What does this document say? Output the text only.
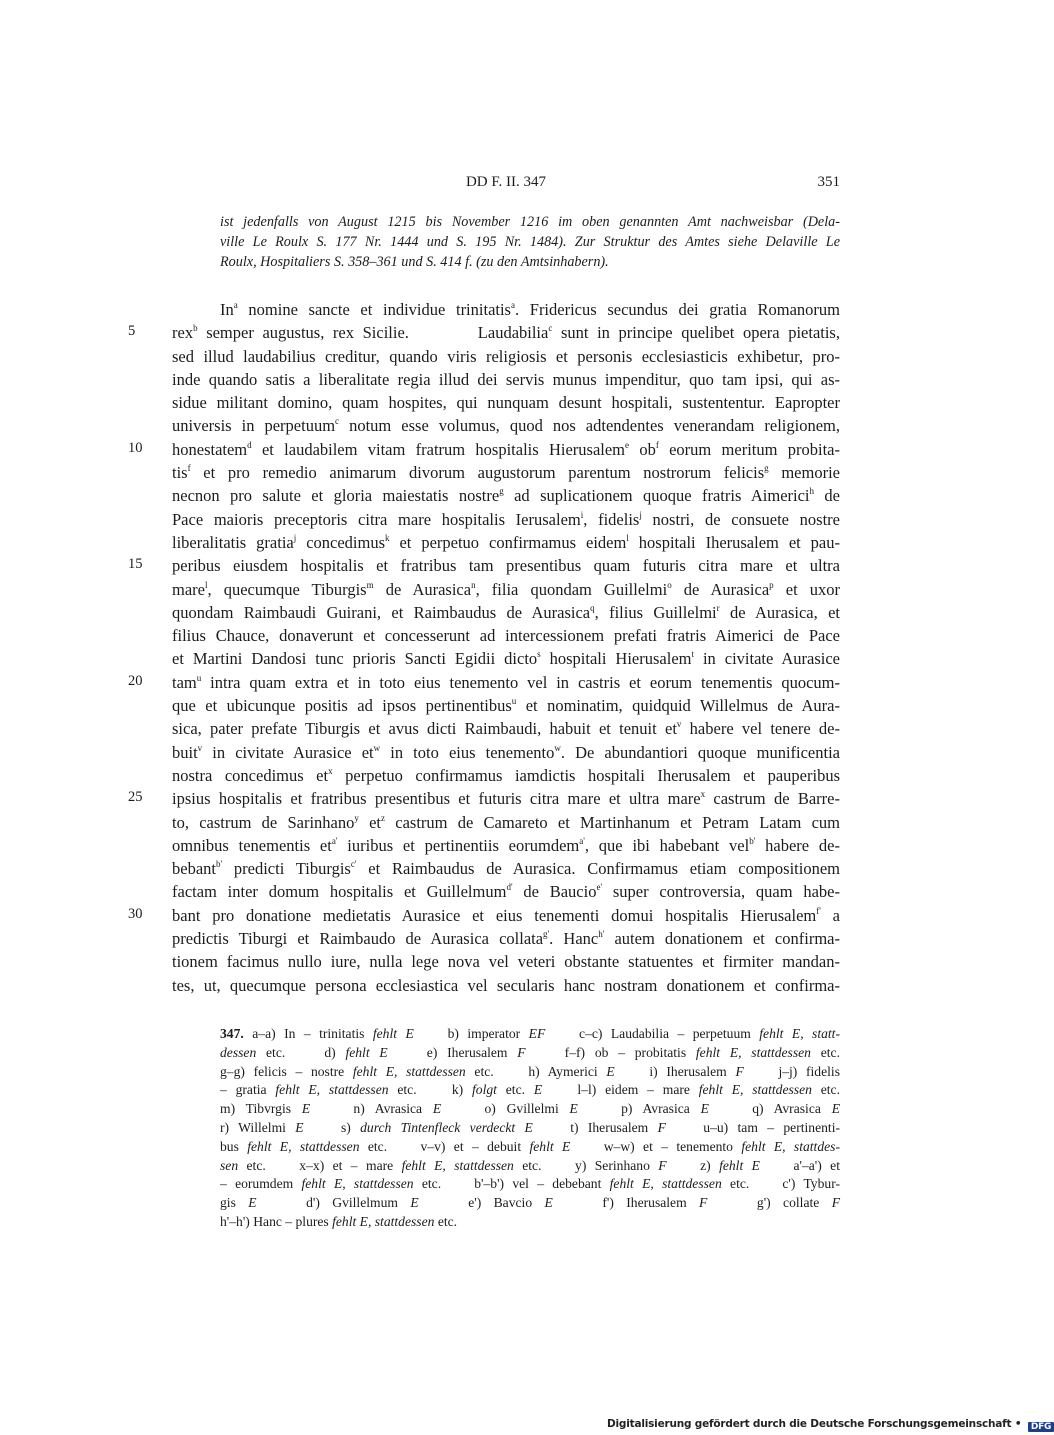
DD F. II. 347	351
ist jedenfalls von August 1215 bis November 1216 im oben genannten Amt nachweisbar (Dela-
ville Le Roulx S. 177 Nr. 1444 und S. 195 Nr. 1484). Zur Struktur des Amtes siehe Delaville Le
Roulx, Hospitaliers S. 358–361 und S. 414 f. (zu den Amtsinhabern).
5
10
15
20
25
30
In$^a$ nomine sancte et individue trinitatis$^a$. Fridericus secundus dei gratia Romanorum
rex$^b$ semper augustus, rex Sicilie.        Laudabilia$^c$ sunt in principe quelibet opera pietatis,
sed illud laudabilius creditur, quando viris religiosis et personis ecclesiasticis exhibetur, pro-
inde quando satis a liberalitate regia illud dei servis munus impenditur, quo tam ipsi, qui as-
sidue militant domino, quam hospites, qui nunquam desunt hospitali, sustententur. Eapropter
universis in perpetuum$^c$ notum esse volumus, quod nos adtendentes venerandam religionem,
honestatem$^d$ et laudabilem vitam fratrum hospitalis Hierusalem$^e$ $ob^f$ eorum meritum probita-
tis$^f$ et pro remedio animarum divorum augustorum parentum nostrorum felicis$^g$ memorie
necnon pro salute et gloria maiestatis nostre$^g$ ad suplicationem quoque fratris Aimerici$^h$ de
Pace maioris preceptoris citra mare hospitalis Ierusalem$^i$, fidelis$^j$ nostri, de consuete nostre
liberalitatis gratia$^j$ concedimus$^k$ et perpetuo confirmamus eidem$^l$ hospitali Iherusalem et pau-
peribus eiusdem hospitalis et fratribus tam presentibus quam futuris citra mare et ultra
mare$^l$, quecumque Tiburgis$^m$ de Aurasica$^n$, filia quondam Guillelmi$^o$ de Aurasica$^p$ et uxor
quondam Raimbaudi Guirani, et Raimbaudus de Aurasica$^q$, filius Guillelmi$^r$ de Aurasica, et
filius Chauce, donaverunt et concesserunt ad intercessionem prefati fratris Aimerici de Pace
et Martini Dandosi tunc prioris Sancti Egidii dicto$^s$ hospitali Hierusalem$^t$ in civitate Aurasice
tam$^u$ intra quam extra et in toto eius tenemento vel in castris et eorum tenementis quocum-
que et ubicunque positis ad ipsos pertinentibus$^u$ et nominatim, quidquid Willelmus de Aura-
sica, pater prefate Tiburgis et avus dicti Raimbaudi, habuit et tenuit $et^v$ habere vel tenere de-
buit$^v$ in civitate Aurasice $et^w$ in toto eius tenemento$^w$. De abundantiori quoque munificentia
nostra concedimus $et^x$ perpetuo confirmamus iamdictis hospitali Iherusalem et pauperibus
ipsius hospitalis et fratribus presentibus et futuris citra mare et ultra mare$^x$ castrum de Barre-
to, castrum de Sarinhano$^y$ $et^z$ castrum de Camareto et Martinhanum et Petram Latam cum
omnibus tenementis $et^{a'}$ iuribus et pertinentiis eorumdem$^{a'}$, que ibi habebant vel$^{b'}$ habere de-
bebant$^{b'}$ predicti Tiburgis$^{c'}$ et Raimbaudus de Aurasica. Confirmamus etiam compositionem
factam inter domum hospitalis et Guillelmum$^{d'}$ de Baucio$^{e'}$ super controversia, quam habe-
bant pro donatione medietatis Aurasice et eius tenementi domui hospitalis Hierusalem$^{f'}$ a
predictis Tiburgi et Raimbaudo de Aurasica collata$^{g'}$. Hanc$^{h'}$ autem donationem et confirma-
tionem facimus nullo iure, nulla lege nova vel veteri obstante statuentes et firmiter mandan-
tes, ut, quecumque persona ecclesiastica vel secularis hanc nostram donationem et confirma-
347. a–a) In – trinitatis fehlt E    b) imperator EF    c–c) Laudabilia – perpetuum fehlt E, statt-
dessen etc.    d) fehlt E    e) Iherusalem F    f–f) ob – probitatis fehlt E, stattdessen etc.
g–g) felicis – nostre fehlt E, stattdessen etc.    h) Aymerici E    i) Iherusalem F    j–j) fidelis
– gratia fehlt E, stattdessen etc.    k) folgt etc. E    l–l) eidem – mare fehlt E, stattdessen etc.
m) Tibvrgis E    n) Avrasica E    o) Gvillelmi E    p) Avrasica E    q) Avrasica E
r) Willelmi E    s) durch Tintenfleck verdeckt E    t) Iherusalem F    u–u) tam – pertinenti-
bus fehlt E, stattdessen etc.    v–v) et – debuit fehlt E    w–w) et – tenemento fehlt E, stattdes-
sen etc.    x–x) et – mare fehlt E, stattdessen etc.    y) Serinhano F    z) fehlt E    a'–a') et
– eorumdem fehlt E, stattdessen etc.    b'–b') vel – debebant fehlt E, stattdessen etc.    c') Tybur-
gis E    d') Gvillelmum E    e') Bavcio E    f') Iherusalem F    g') collate F
h'–h') Hanc – plures fehlt E, stattdessen etc.
Digitalisierung gefördert durch die Deutsche Forschungsgemeinschaft • DFG
